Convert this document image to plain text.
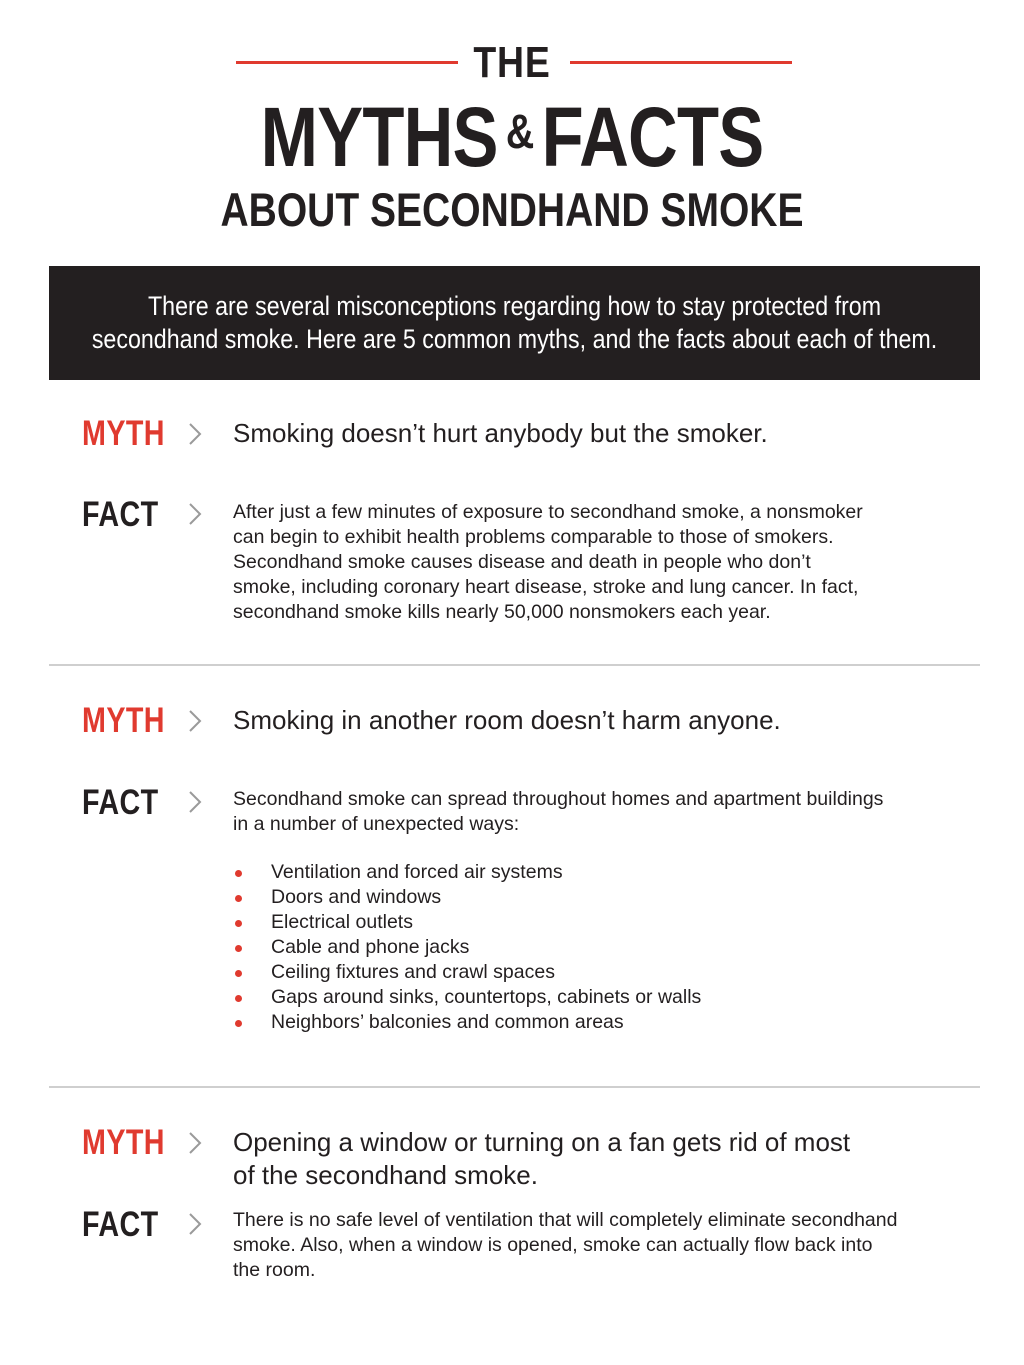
THE
MYTHS &FACTS
ABOUT SECONDHAND SMOKE
There are several misconceptions regarding how to stay protected from
secondhand smoke. Here are 5 common myths, and the facts about each of them.
MYTH	Smoking doesn’t hurt anybody but the smoker.
FACT	After just a few minutes of exposure to secondhand smoke, a nonsmoker
can begin to exhibit health problems comparable to those of smokers.
Secondhand smoke causes disease and death in people who don’t
smoke, including coronary heart disease, stroke and lung cancer. In fact,
secondhand smoke kills nearly 50,000 nonsmokers each year.
MYTH	Smoking in another room doesn’t harm anyone.
FACT	Secondhand smoke can spread throughout homes and apartment buildings
in a number of unexpected ways:
Ventilation and forced air systems
Doors and windows
Electrical outlets
Cable and phone jacks
Ceiling fixtures and crawl spaces
Gaps around sinks, countertops, cabinets or walls
Neighbors’ balconies and common areas
MYTH	Opening a window or turning on a fan gets rid of most
of the secondhand smoke.
FACT	There is no safe level of ventilation that will completely eliminate secondhand
smoke. Also, when a window is opened, smoke can actually flow back into
the room.
